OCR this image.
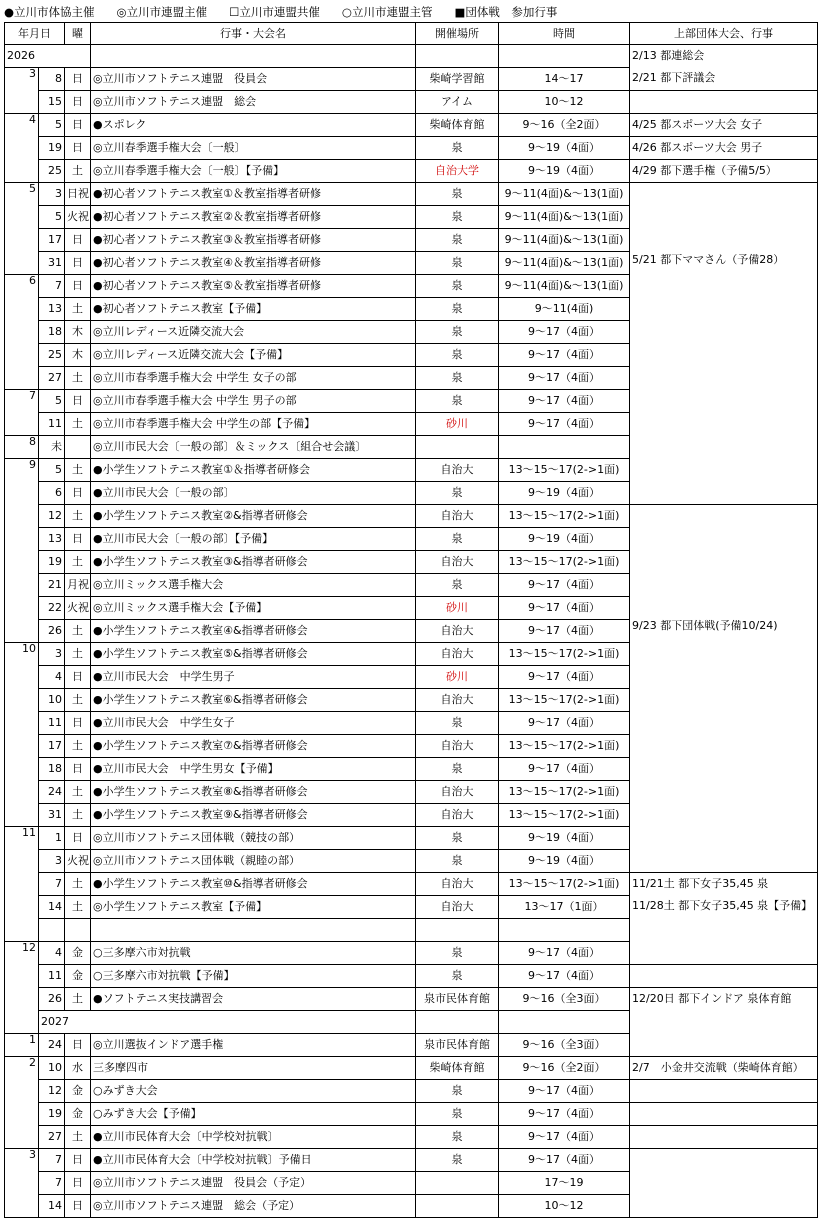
●立川市体協主催 ◎立川市連盟主催 ☐立川市連盟共催 ○立川市連盟主管 ■団体戦　参加行事
年月日		曜	行事・大会名	開催場所	時間	上部団体大会、行事	
2026						2/13 都連総会
2/21 都下評議会	

3	8	日	◎立川市ソフトテニス連盟　役員会	柴崎学習館	14～17	

	15	日	◎立川市ソフトテニス連盟　総会	アイム	10～12		
4	5	日	●スポレク	柴崎体育館	9～16（全2面）	4/25 都スポーツ大会 女子	
	19	日	◎立川春季選手権大会〔一般〕	泉	9～19（4面）	4/26 都スポーツ大会 男子	
	25	土	◎立川春季選手権大会〔一般〕【予備】	自治大学	9～19（4面）	4/29 都下選手権（予備5/5）	
5	3	日祝	●初心者ソフトテニス教室①＆教室指導者研修	泉	9～11(4面)&～13(1面)	5/21 都下ママさん（予備28）	

	5	火祝	●初心者ソフトテニス教室②＆教室指導者研修	泉	9～11(4面)&～13(1面)		
	17	日	●初心者ソフトテニス教室③＆教室指導者研修	泉	9～11(4面)&～13(1面)		
	31	日	●初心者ソフトテニス教室④＆教室指導者研修	泉	9～11(4面)&～13(1面)		
6	7	日	●初心者ソフトテニス教室⑤＆教室指導者研修	泉	9～11(4面)&～13(1面)		
	13	土	●初心者ソフトテニス教室【予備】	泉	9～11(4面)		
	18	木	◎立川レディース近隣交流大会	泉	9～17（4面）		
	25	木	◎立川レディース近隣交流大会【予備】	泉	9～17（4面）		
	27	土	◎立川市春季選手権大会 中学生 女子の部	泉	9～17（4面）		
7	5	日	◎立川市春季選手権大会 中学生 男子の部	泉	9～17（4面）		
	11	土	◎立川市春季選手権大会 中学生の部【予備】	砂川	9～17（4面）		
8	未		◎立川市民大会〔一般の部〕＆ミックス〔組合せ会議〕				
9	5	土	●小学生ソフトテニス教室①＆指導者研修会	自治大	13～15～17(2->1面)		
	6	日	●立川市民大会〔一般の部〕	泉	9～19（4面）		
	12	土	●小学生ソフトテニス教室②&指導者研修会	自治大	13～15～17(2->1面)	9/23 都下団体戦(予備10/24)	

	13	日	●立川市民大会〔一般の部〕【予備】	泉	9～19（4面）		
	19	土	●小学生ソフトテニス教室③&指導者研修会	自治大	13～15～17(2->1面)		
	21	月祝	◎立川ミックス選手権大会	泉	9～17（4面）		
	22	火祝	◎立川ミックス選手権大会【予備】	砂川	9～17（4面）		
	26	土	●小学生ソフトテニス教室④&指導者研修会	自治大	9～17（4面）		
10	3	土	●小学生ソフトテニス教室⑤&指導者研修会	自治大	13～15～17(2->1面)		
	4	日	●立川市民大会　中学生男子	砂川	9～17（4面）		
	10	土	●小学生ソフトテニス教室⑥&指導者研修会	自治大	13～15～17(2->1面)		
	11	日	●立川市民大会　中学生女子	泉	9～17（4面）		
	17	土	●小学生ソフトテニス教室⑦&指導者研修会	自治大	13～15～17(2->1面)		
	18	日	●立川市民大会　中学生男女【予備】	泉	9～17（4面）		
	24	土	●小学生ソフトテニス教室⑧&指導者研修会	自治大	13～15～17(2->1面)		
	31	土	●小学生ソフトテニス教室⑨&指導者研修会	自治大	13～15～17(2->1面)		
11	1	日	◎立川市ソフトテニス団体戦（競技の部）	泉	9～19（4面）		
	3	火祝	◎立川市ソフトテニス団体戦（親睦の部）	泉	9～19（4面）		
	7	土	●小学生ソフトテニス教室⑩&指導者研修会	自治大	13～15～17(2->1面)	11/21土 都下女子35,45 泉
11/28土 都下女子35,45 泉【予備】	

	14	土	◎小学生ソフトテニス教室【予備】	自治大	13～17（1面）		

12	4	金	○三多摩六市対抗戦	泉	9～17（4面）		
	11	金	○三多摩六市対抗戦【予備】	泉	9～17（4面）		
	26	土	●ソフトテニス実技講習会	泉市民体育館	9～16（全3面）	12/20日 都下インドア 泉体育館	

	2027						
1	24	日	◎立川選抜インドア選手権	泉市民体育館	9～16（全3面）		
2	10	水	三多摩四市	柴崎体育館	9～16（全2面）	2/7　小金井交流戦（柴崎体育館）	
	12	金	○みずき大会	泉	9～17（4面）		
	19	金	○みずき大会【予備】	泉	9～17（4面）		
	27	土	●立川市民体育大会〔中学校対抗戦〕	泉	9～17（4面）		
3	7	日	●立川市民体育大会〔中学校対抗戦〕予備日	泉	9～17（4面）		

	7	日	◎立川市ソフトテニス連盟　役員会（予定）		17～19		
	14	日	◎立川市ソフトテニス連盟　総会（予定）		10～12		
